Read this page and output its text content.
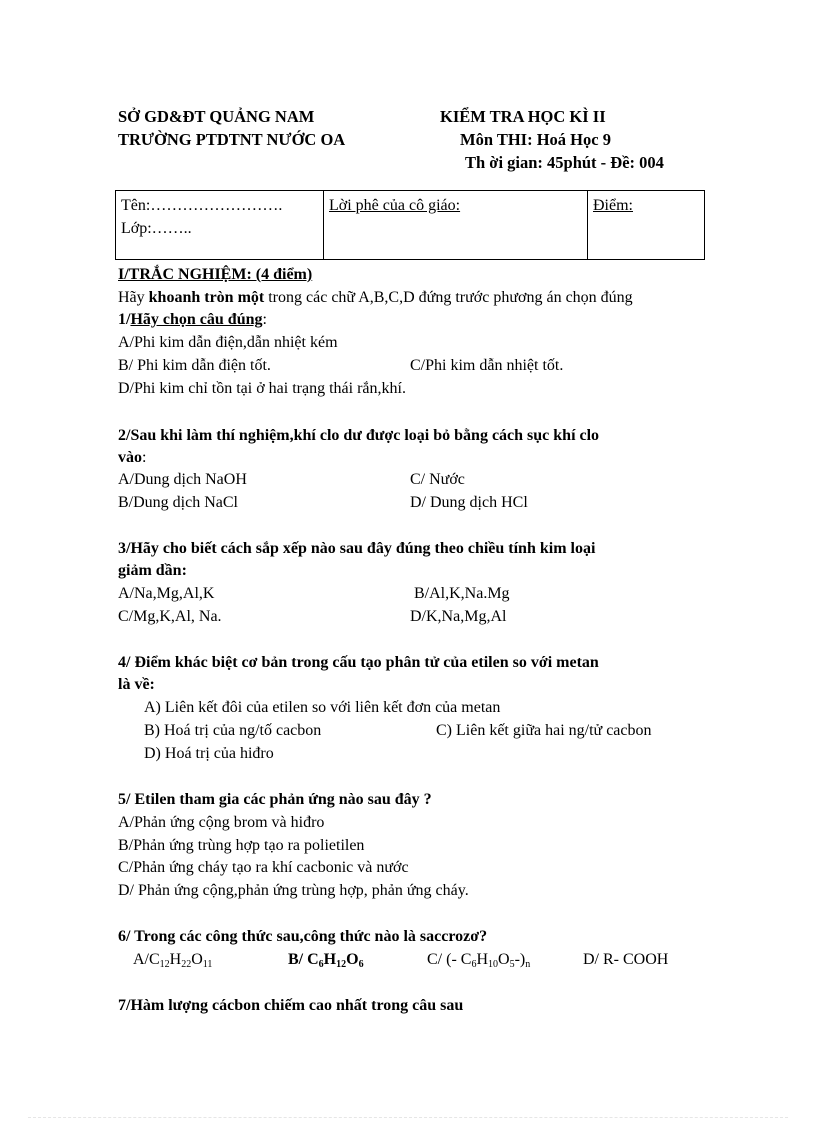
SỞ GD&ĐT QUẢNG NAM
TRƯỜNG PTDTNT NƯỚC OA
KIỂM TRA HỌC KÌ II
Môn THI: Hoá Học 9
Th ời gian: 45phút - Đề: 004
Tên:…………………….
Lớp:……..
	Lời phê của cô giáo:	Điểm:
I/TRẮC NGHIỆM: (4 điểm)
Hãy khoanh tròn một trong các chữ A,B,C,D đứng trước phương án chọn đúng
1/Hãy chọn câu đúng:
A/Phi kim dẫn điện,dẫn nhiệt kém
B/ Phi kim dẫn điện tốt.	C/Phi kim dẫn nhiệt tốt.
D/Phi kim chỉ tồn tại ở hai trạng thái rắn,khí.
2/Sau khi làm thí nghiệm,khí clo dư được loại bỏ bằng cách sục khí clo
vào:
A/Dung dịch NaOH	C/ Nước
B/Dung dịch NaCl	D/ Dung dịch HCl
3/Hãy cho biết cách sắp xếp nào sau đây đúng theo chiều tính kim loại
giảm dần:
A/Na,Mg,Al,K	B/Al,K,Na.Mg
C/Mg,K,Al, Na.	D/K,Na,Mg,Al
4/ Điểm khác biệt cơ bản trong cấu tạo phân tử của etilen so với metan
là về:
A) Liên kết đôi của etilen so với liên kết đơn của metan
B) Hoá trị của ng/tố cacbon	C) Liên kết giữa hai ng/tử cacbon
D) Hoá trị của hiđro
5/ Etilen tham gia các phản ứng nào sau đây ?
A/Phản ứng cộng brom và hiđro
B/Phản ứng trùng hợp tạo ra polietilen
C/Phản ứng cháy tạo ra khí cacbonic và nước
D/ Phản ứng cộng,phản ứng trùng hợp, phản ứng cháy.
6/ Trong các công thức sau,công thức nào là saccrozơ?
$A/C_{12}H_{22}O_{11}$	B/ $C_6H_{12}O_6$	C/ (- $C_6H_{10}O_5-)_n$	D/ R- COOH
7/Hàm lượng cácbon chiếm cao nhất trong câu sau
